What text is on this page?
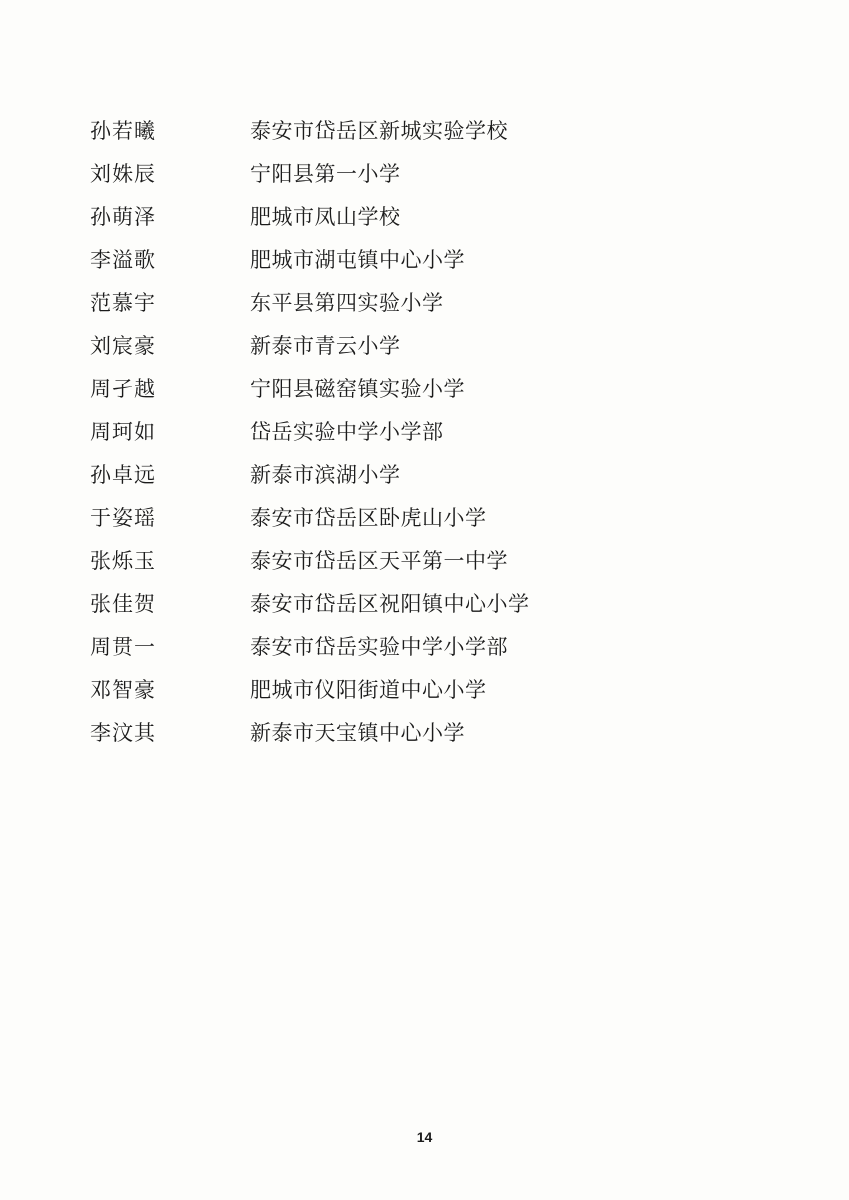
孙若曦	泰安市岱岳区新城实验学校
刘姝辰	宁阳县第一小学
孙萌泽	肥城市凤山学校
李溢歌	肥城市湖屯镇中心小学
范慕宇	东平县第四实验小学
刘宸豪	新泰市青云小学
周孑越	宁阳县磁窑镇实验小学
周珂如	岱岳实验中学小学部
孙卓远	新泰市滨湖小学
于姿瑶	泰安市岱岳区卧虎山小学
张烁玉	泰安市岱岳区天平第一中学
张佳贺	泰安市岱岳区祝阳镇中心小学
周贯一	泰安市岱岳实验中学小学部
邓智豪	肥城市仪阳街道中心小学
李汶其	新泰市天宝镇中心小学
14
